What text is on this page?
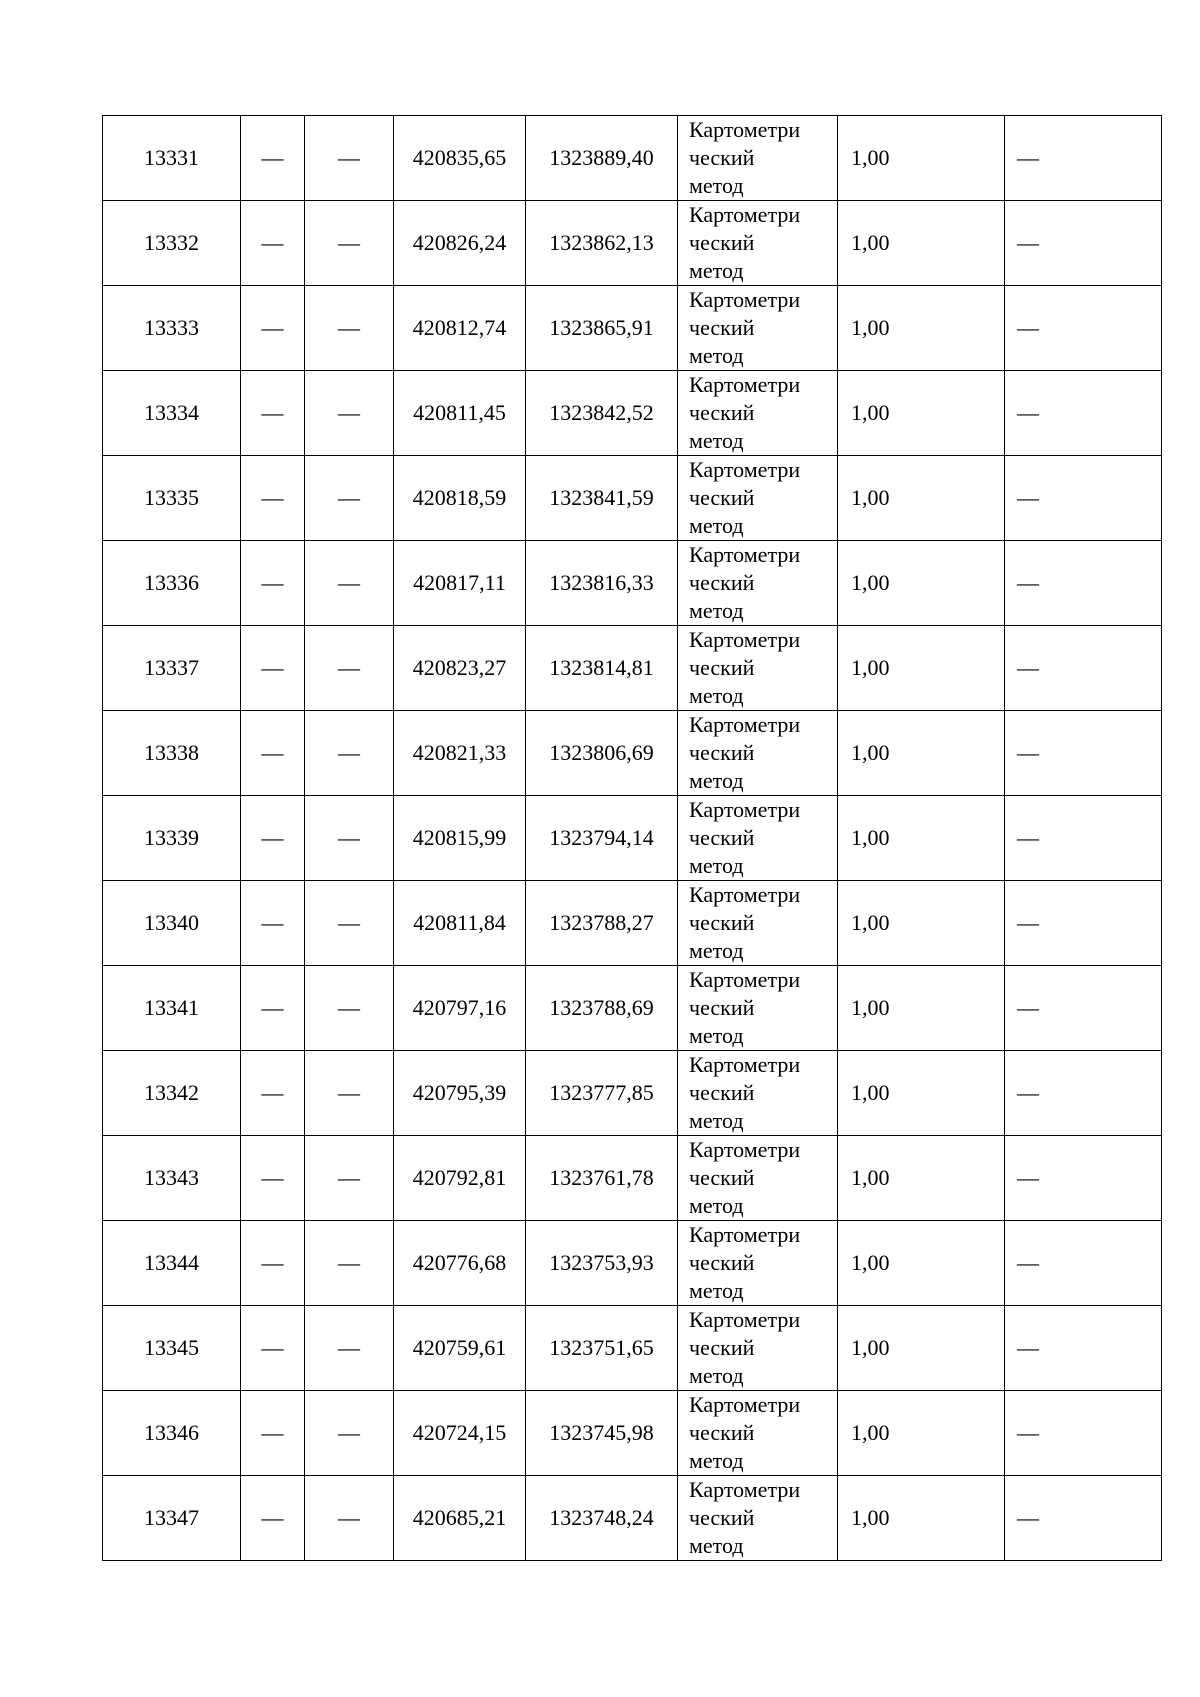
13331	—	—	420835,65	1323889,40	Картометри
ческий
метод	1,00	—
13332	—	—	420826,24	1323862,13	Картометри
ческий
метод	1,00	—
13333	—	—	420812,74	1323865,91	Картометри
ческий
метод	1,00	—
13334	—	—	420811,45	1323842,52	Картометри
ческий
метод	1,00	—
13335	—	—	420818,59	1323841,59	Картометри
ческий
метод	1,00	—
13336	—	—	420817,11	1323816,33	Картометри
ческий
метод	1,00	—
13337	—	—	420823,27	1323814,81	Картометри
ческий
метод	1,00	—
13338	—	—	420821,33	1323806,69	Картометри
ческий
метод	1,00	—
13339	—	—	420815,99	1323794,14	Картометри
ческий
метод	1,00	—
13340	—	—	420811,84	1323788,27	Картометри
ческий
метод	1,00	—
13341	—	—	420797,16	1323788,69	Картометри
ческий
метод	1,00	—
13342	—	—	420795,39	1323777,85	Картометри
ческий
метод	1,00	—
13343	—	—	420792,81	1323761,78	Картометри
ческий
метод	1,00	—
13344	—	—	420776,68	1323753,93	Картометри
ческий
метод	1,00	—
13345	—	—	420759,61	1323751,65	Картометри
ческий
метод	1,00	—
13346	—	—	420724,15	1323745,98	Картометри
ческий
метод	1,00	—
13347	—	—	420685,21	1323748,24	Картометри
ческий
метод	1,00	—
